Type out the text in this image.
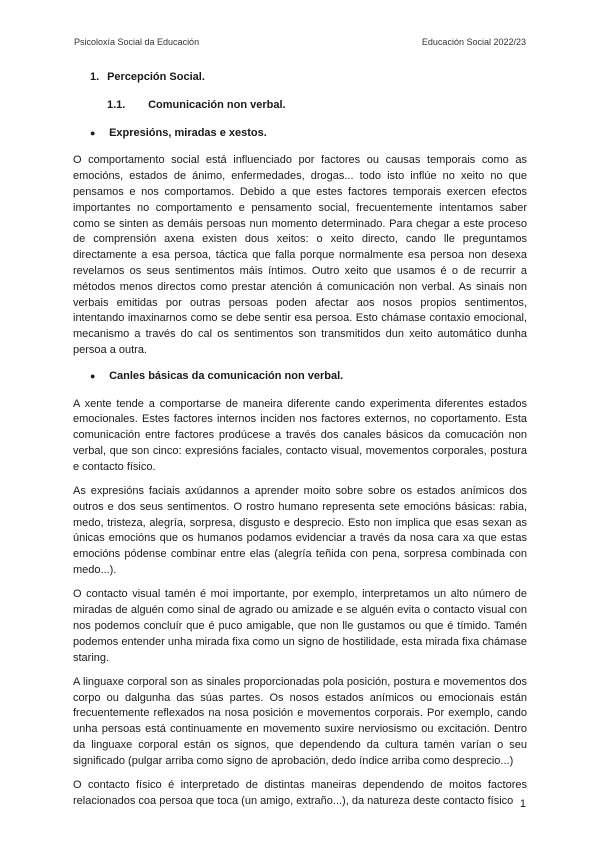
Psicoloxía Social da Educación	Educación Social 2022/23
1. Percepción Social.
1.1. Comunicación non verbal.
● Expresións, miradas e xestos.

O comportamento social está influenciado por factores ou causas temporais como as emocións, estados de ánimo, enfermedades, drogas... todo isto inflúe no xeito no que pensamos e nos comportamos. Debido a que estes factores temporais exercen efectos importantes no comportamento e pensamento social, frecuentemente intentamos saber como se sinten as demáis persoas nun momento determinado. Para chegar a este proceso de comprensión axena existen dous xeitos: o xeito directo, cando lle preguntamos directamente a esa persoa, táctica que falla porque normalmente esa persoa non desexa revelarnos os seus sentimentos máis íntimos. Outro xeito que usamos é o de recurrir a métodos menos directos como prestar atención á comunicación non verbal. As sinais non verbais emitidas por outras persoas poden afectar aos nosos propios sentimentos, intentando imaxinarnos como se debe sentir esa persoa. Esto chámase contaxio emocional, mecanismo a través do cal os sentimentos son transmitidos dun xeito automático dunha persoa a outra.

● Canles básicas da comunicación non verbal.

A xente tende a comportarse de maneira diferente cando experimenta diferentes estados emocionales. Estes factores internos inciden nos factores externos, no coportamento. Esta comunicación entre factores prodúcese a través dos canales básicos da comucación non verbal, que son cinco: expresións faciales, contacto visual, movementos corporales, postura e contacto físico.

As expresións faciais axúdannos a aprender moito sobre sobre os estados anímicos dos outros e dos seus sentimentos. O rostro humano representa sete emocións básicas: rabia, medo, tristeza, alegría, sorpresa, disgusto e desprecio. Esto non implica que esas sexan as únicas emocións que os humanos podamos evidenciar a través da nosa cara xa que estas emocións pódense combinar entre elas (alegría teñida con pena, sorpresa combinada con medo...).

O contacto visual tamén é moi importante, por exemplo, interpretamos un alto número de miradas de alguén como sinal de agrado ou amizade e se alguén evita o contacto visual con nos podemos concluír que é puco amigable, que non lle gustamos ou que é tímido. Tamén podemos entender unha mirada fixa como un signo de hostilidade, esta mirada fixa chámase staring.

A linguaxe corporal son as sinales proporcionadas pola posición, postura e movementos dos corpo ou dalgunha das súas partes. Os nosos estados anímicos ou emocionais están frecuentemente reflexados na nosa posición e movementos corporais. Por exemplo, cando unha persoas está continuamente en movemento suxire nerviosismo ou excitación. Dentro da linguaxe corporal están os signos, que dependendo da cultura tamén varían o seu significado (pulgar arriba como signo de aprobación, dedo índice arriba como desprecio...)

O contacto físico é interpretado de distintas maneiras dependendo de moitos factores relacionados coa persoa que toca (un amigo, extraño...), da natureza deste contacto físico 1
